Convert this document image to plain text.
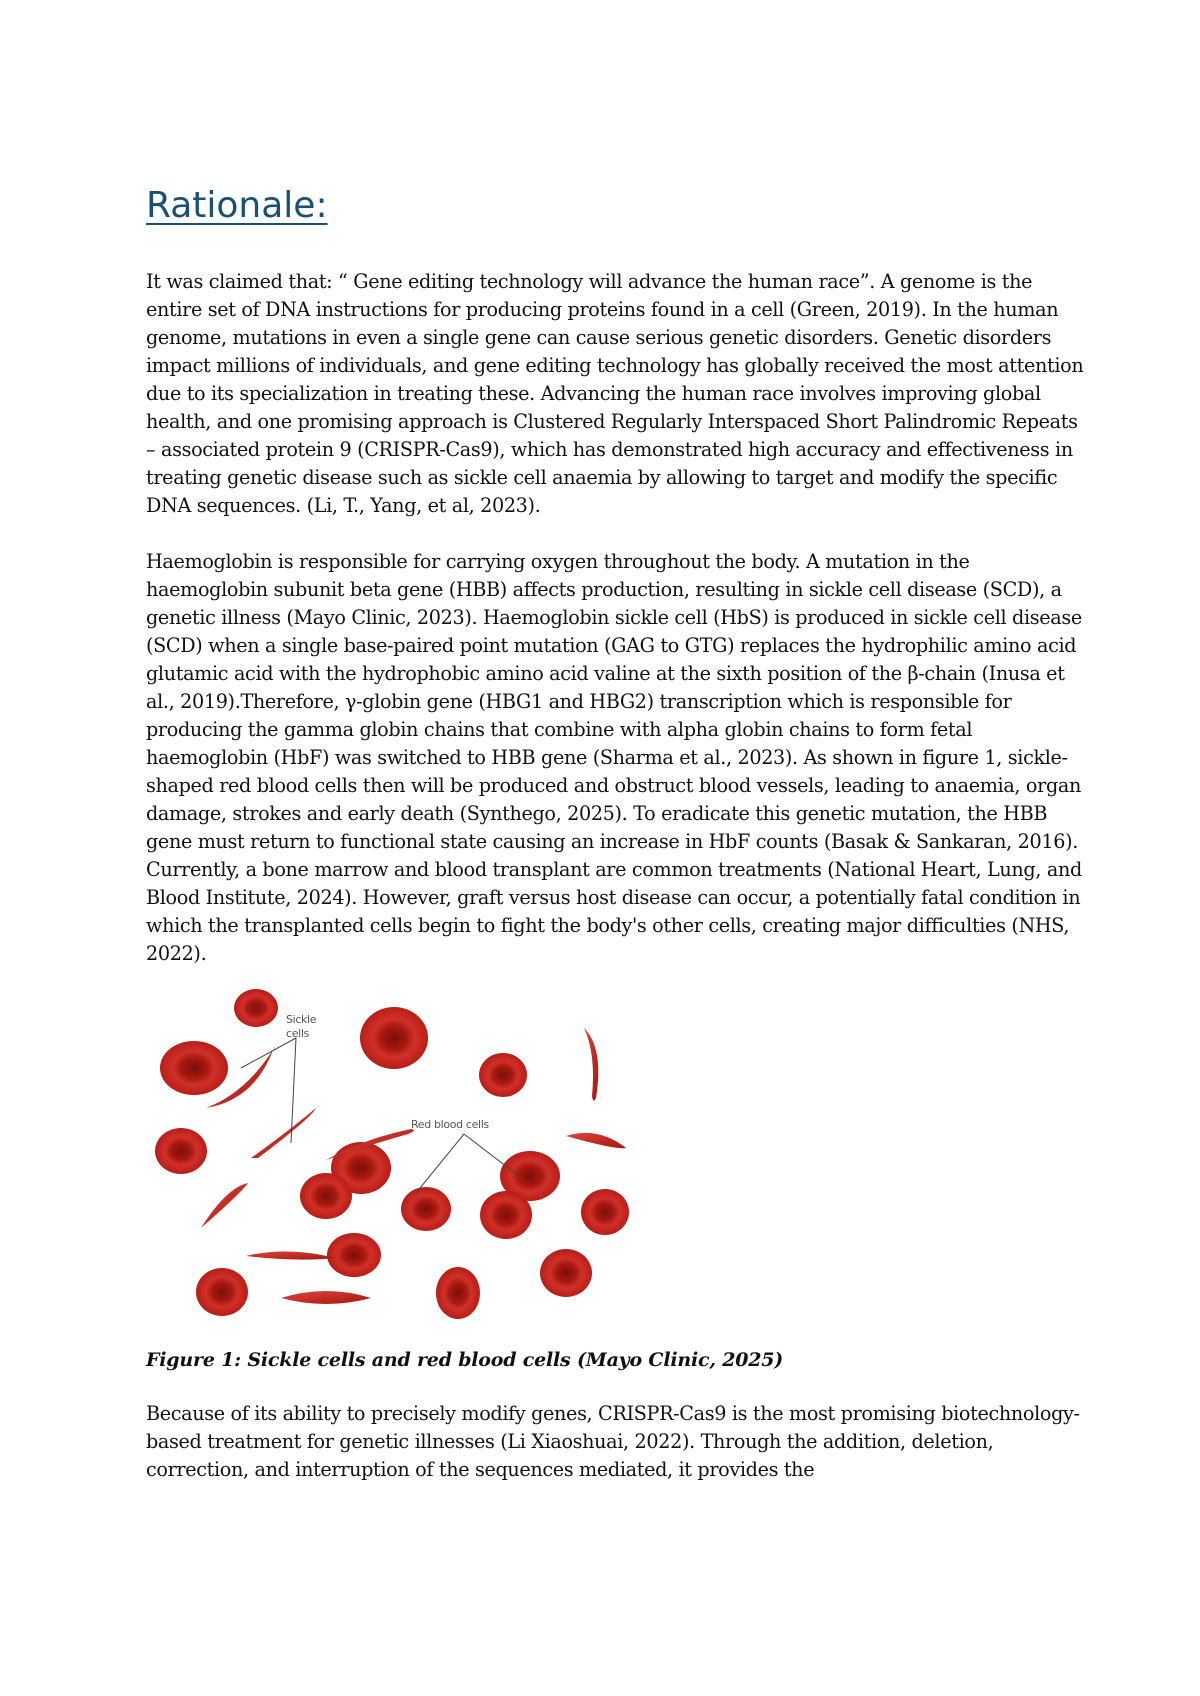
Rationale:

It was claimed that: “ Gene editing technology will advance the human race”. A genome is the entire set of DNA instructions for producing proteins found in a cell (Green, 2019). In the human genome, mutations in even a single gene can cause serious genetic disorders. Genetic disorders impact millions of individuals, and gene editing technology has globally received the most attention due to its specialization in treating these. Advancing the human race involves improving global health, and one promising approach is Clustered Regularly Interspaced Short Palindromic Repeats – associated protein 9 (CRISPR-Cas9), which has demonstrated high accuracy and effectiveness in treating genetic disease such as sickle cell anaemia by allowing to target and modify the specific DNA sequences. (Li, T., Yang, et al, 2023).

Haemoglobin is responsible for carrying oxygen throughout the body. A mutation in the haemoglobin subunit beta gene (HBB) affects production, resulting in sickle cell disease (SCD), a genetic illness (Mayo Clinic, 2023). Haemoglobin sickle cell (HbS) is produced in sickle cell disease (SCD) when a single base-paired point mutation (GAG to GTG) replaces the hydrophilic amino acid glutamic acid with the hydrophobic amino acid valine at the sixth position of the β-chain (Inusa et al., 2019).Therefore, γ-globin gene (HBG1 and HBG2) transcription which is responsible for producing the gamma globin chains that combine with alpha globin chains to form fetal haemoglobin (HbF) was switched to HBB gene (Sharma et al., 2023). As shown in figure 1, sickle-shaped red blood cells then will be produced and obstruct blood vessels, leading to anaemia, organ damage, strokes and early death (Synthego, 2025). To eradicate this genetic mutation, the HBB gene must return to functional state causing an increase in HbF counts (Basak & Sankaran, 2016). Currently, a bone marrow and blood transplant are common treatments (National Heart, Lung, and Blood Institute, 2024). However, graft versus host disease can occur, a potentially fatal condition in which the transplanted cells begin to fight the body's other cells, creating major difficulties (NHS, 2022).

Sickle cells
Red blood cells

Figure 1: Sickle cells and red blood cells (Mayo Clinic, 2025)

Because of its ability to precisely modify genes, CRISPR-Cas9 is the most promising biotechnology-based treatment for genetic illnesses (Li Xiaoshuai, 2022). Through the addition, deletion, correction, and interruption of the sequences mediated, it provides the
